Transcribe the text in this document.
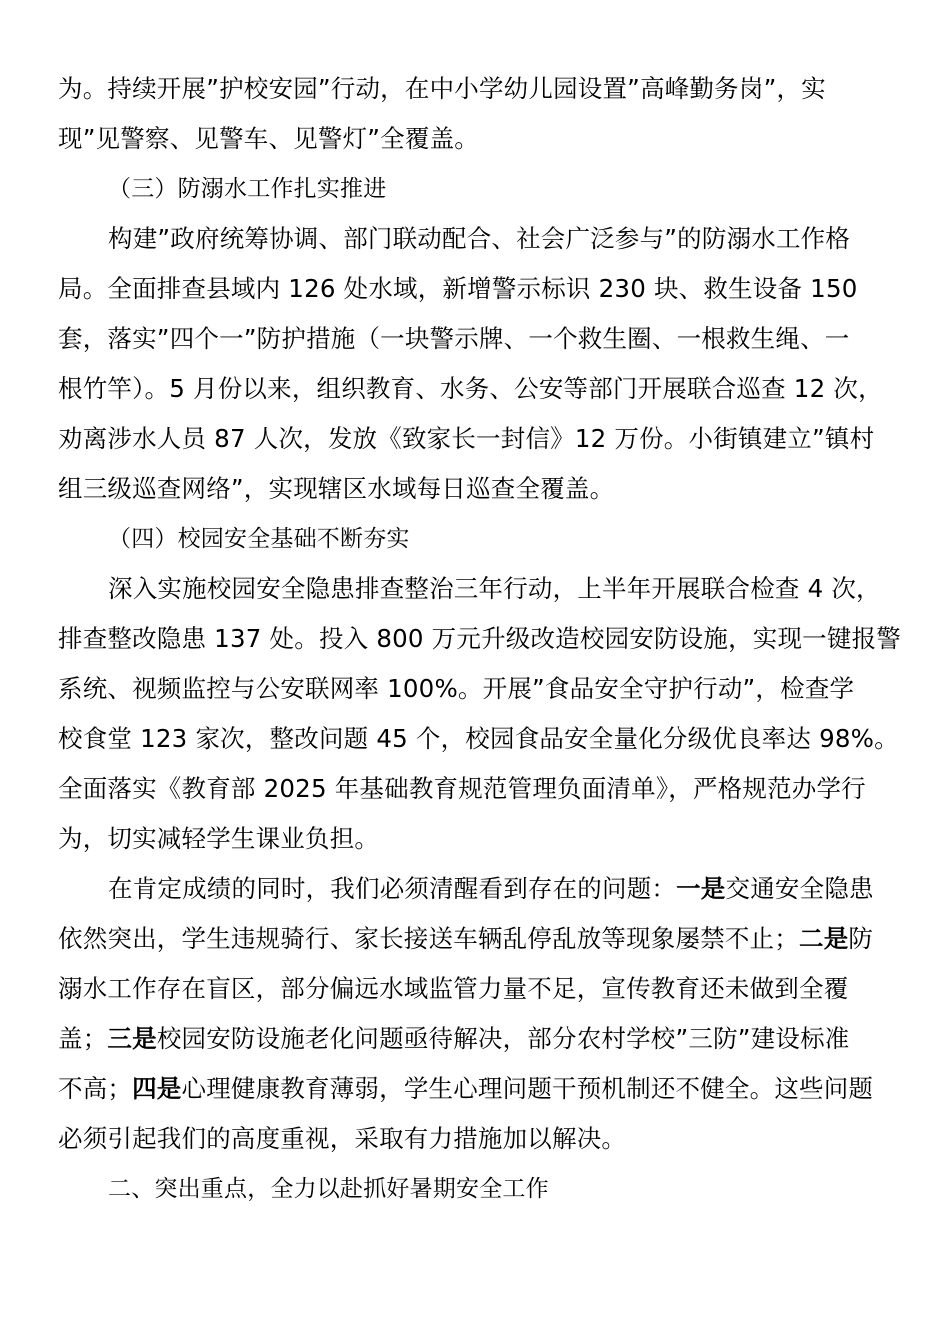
为。持续开展”护校安园”行动，在中小学幼儿园设置”高峰勤务岗”，实
现”见警察、见警车、见警灯”全覆盖。
（三）防溺水工作扎实推进
构建”政府统筹协调、部门联动配合、社会广泛参与”的防溺水工作格
局。全面排查县域内 126 处水域，新增警示标识 230 块、救生设备 150
套，落实”四个一”防护措施（一块警示牌、一个救生圈、一根救生绳、一
根竹竿）。5 月份以来，组织教育、水务、公安等部门开展联合巡查 12 次，
劝离涉水人员 87 人次，发放《致家长一封信》12 万份。小街镇建立”镇村
组三级巡查网络”，实现辖区水域每日巡查全覆盖。
（四）校园安全基础不断夯实
深入实施校园安全隐患排查整治三年行动，上半年开展联合检查 4 次，
排查整改隐患 137 处。投入 800 万元升级改造校园安防设施，实现一键报警
系统、视频监控与公安联网率 100%。开展”食品安全守护行动”，检查学
校食堂 123 家次，整改问题 45 个，校园食品安全量化分级优良率达 98%。
全面落实《教育部 2025 年基础教育规范管理负面清单》，严格规范办学行
为，切实减轻学生课业负担。
在肯定成绩的同时，我们必须清醒看到存在的问题：一是交通安全隐患
依然突出，学生违规骑行、家长接送车辆乱停乱放等现象屡禁不止；二是防
溺水工作存在盲区，部分偏远水域监管力量不足，宣传教育还未做到全覆
盖；三是校园安防设施老化问题亟待解决，部分农村学校”三防”建设标准
不高；四是心理健康教育薄弱，学生心理问题干预机制还不健全。这些问题
必须引起我们的高度重视，采取有力措施加以解决。
二、突出重点，全力以赴抓好暑期安全工作
